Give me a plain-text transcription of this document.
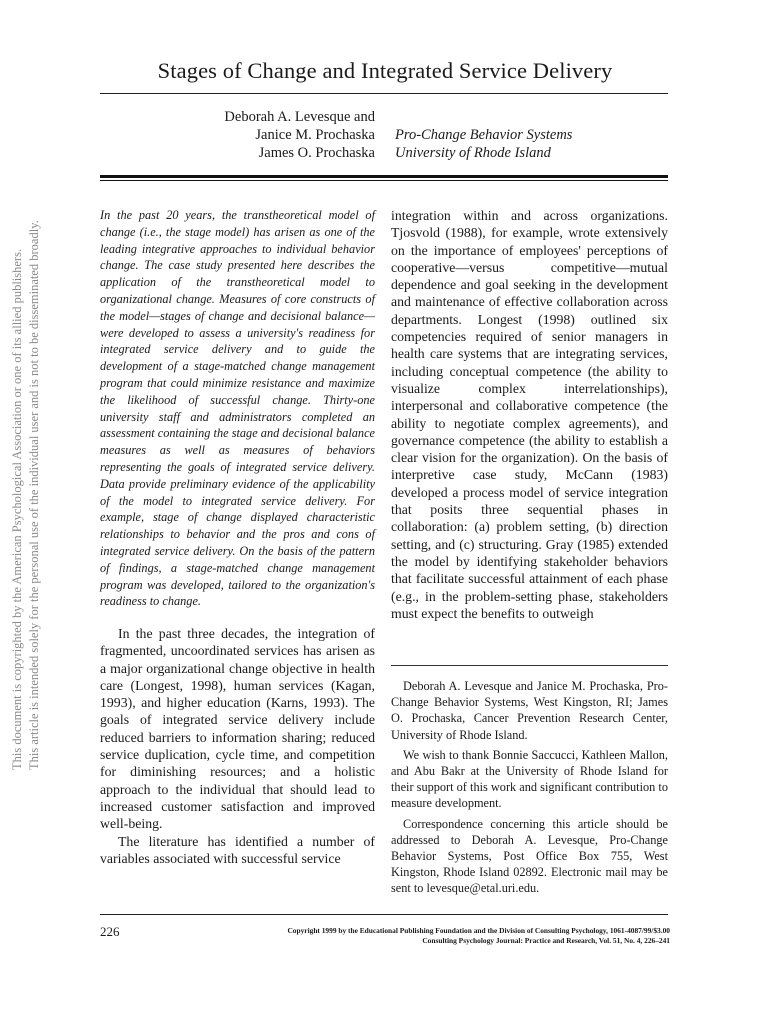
This document is copyrighted by the American Psychological Association or one of its allied publishers. This article is intended solely for the personal use of the individual user and is not to be disseminated broadly.
Stages of Change and Integrated Service Delivery
Deborah A. Levesque and
Janice M. Prochaska
James O. Prochaska
Pro-Change Behavior Systems
University of Rhode Island

In the past 20 years, the transtheoretical model of change (i.e., the stage model) has arisen as one of the leading integrative approaches to individual behavior change. The case study presented here describes the application of the transtheoretical model to organizational change. Measures of core constructs of the model—stages of change and decisional balance—were developed to assess a university's readiness for integrated service delivery and to guide the development of a stage-matched change management program that could minimize resistance and maximize the likelihood of successful change. Thirty-one university staff and administrators completed an assessment containing the stage and decisional balance measures as well as measures of behaviors representing the goals of integrated service delivery. Data provide preliminary evidence of the applicability of the model to integrated service delivery. For example, stage of change displayed characteristic relationships to behavior and the pros and cons of integrated service delivery. On the basis of the pattern of findings, a stage-matched change management program was developed, tailored to the organization's readiness to change.

In the past three decades, the integration of fragmented, uncoordinated services has arisen as a major organizational change objective in health care (Longest, 1998), human services (Kagan, 1993), and higher education (Karns, 1993). The goals of integrated service delivery include reduced barriers to information sharing; reduced service duplication, cycle time, and competition for diminishing resources; and a holistic approach to the individual that should lead to increased customer satisfaction and improved well-being.

The literature has identified a number of variables associated with successful service

integration within and across organizations. Tjosvold (1988), for example, wrote extensively on the importance of employees' perceptions of cooperative—versus competitive—mutual dependence and goal seeking in the development and maintenance of effective collaboration across departments. Longest (1998) outlined six competencies required of senior managers in health care systems that are integrating services, including conceptual competence (the ability to visualize complex interrelationships), interpersonal and collaborative competence (the ability to negotiate complex agreements), and governance competence (the ability to establish a clear vision for the organization). On the basis of interpretive case study, McCann (1983) developed a process model of service integration that posits three sequential phases in collaboration: (a) problem setting, (b) direction setting, and (c) structuring. Gray (1985) extended the model by identifying stakeholder behaviors that facilitate successful attainment of each phase (e.g., in the problem-setting phase, stakeholders must expect the benefits to outweigh

Deborah A. Levesque and Janice M. Prochaska, Pro-Change Behavior Systems, West Kingston, RI; James O. Prochaska, Cancer Prevention Research Center, University of Rhode Island.

We wish to thank Bonnie Saccucci, Kathleen Mallon, and Abu Bakr at the University of Rhode Island for their support of this work and significant contribution to measure development.

Correspondence concerning this article should be addressed to Deborah A. Levesque, Pro-Change Behavior Systems, Post Office Box 755, West Kingston, Rhode Island 02892. Electronic mail may be sent to levesque@etal.uri.edu.

226	Copyright 1999 by the Educational Publishing Foundation and the Division of Consulting Psychology, 1061-4087/99/$3.00
Consulting Psychology Journal: Practice and Research, Vol. 51, No. 4, 226–241
